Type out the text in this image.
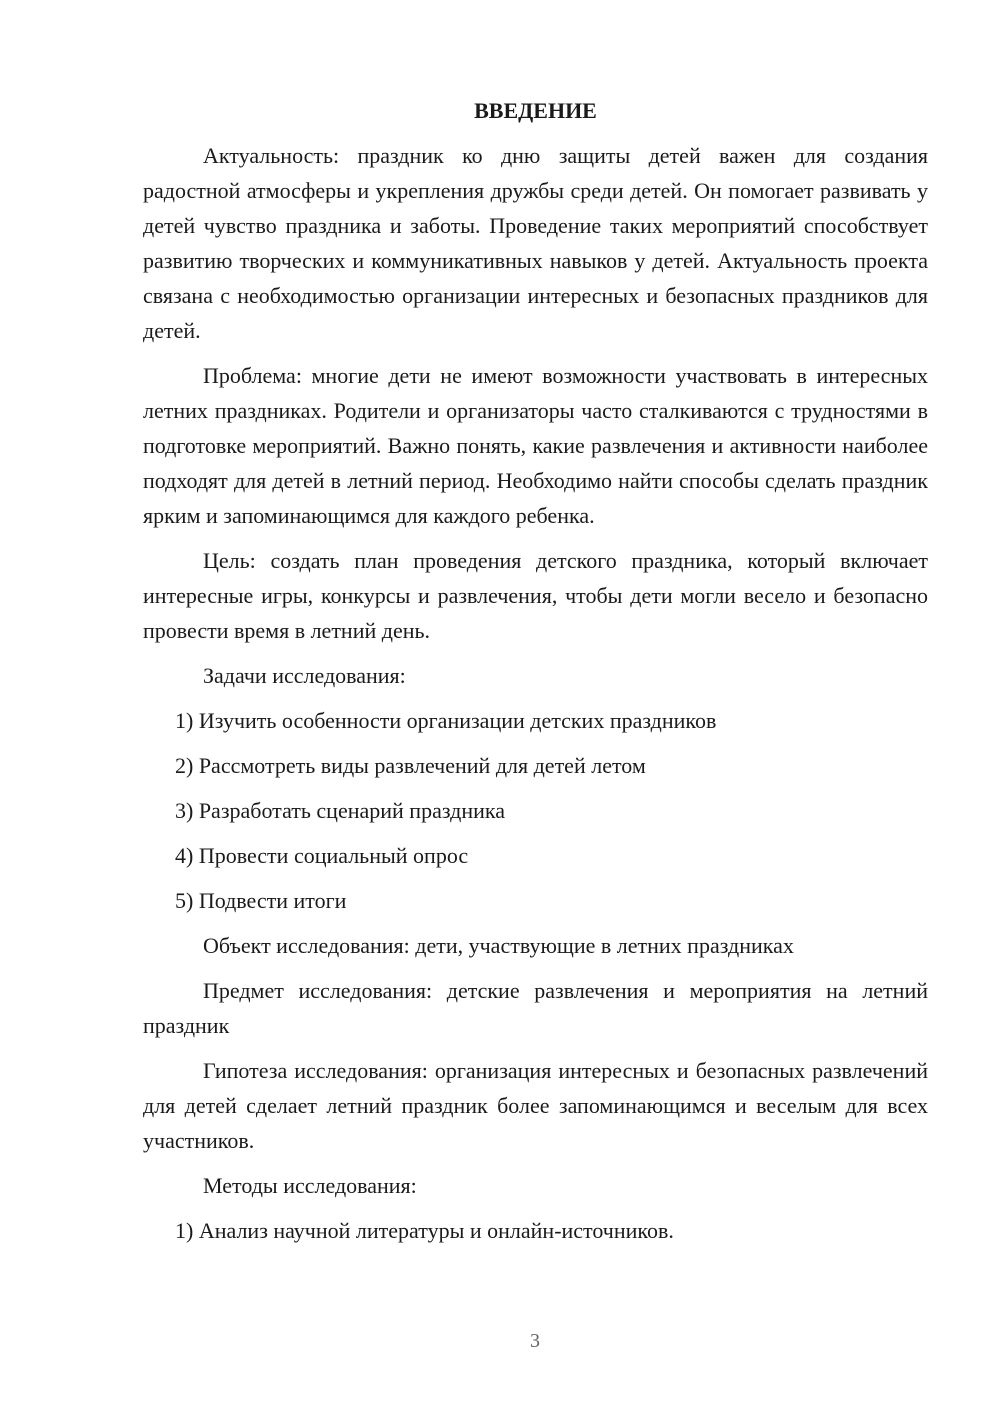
ВВЕДЕНИЕ
Актуальность: праздник ко дню защиты детей важен для создания радостной атмосферы и укрепления дружбы среди детей. Он помогает развивать у детей чувство праздника и заботы. Проведение таких мероприятий способствует развитию творческих и коммуникативных навыков у детей. Актуальность проекта связана с необходимостью организации интересных и безопасных праздников для детей.
Проблема: многие дети не имеют возможности участвовать в интересных летних праздниках. Родители и организаторы часто сталкиваются с трудностями в подготовке мероприятий. Важно понять, какие развлечения и активности наиболее подходят для детей в летний период. Необходимо найти способы сделать праздник ярким и запоминающимся для каждого ребенка.
Цель: создать план проведения детского праздника, который включает интересные игры, конкурсы и развлечения, чтобы дети могли весело и безопасно провести время в летний день.
Задачи исследования:
1) Изучить особенности организации детских праздников
2) Рассмотреть виды развлечений для детей летом
3) Разработать сценарий праздника
4) Провести социальный опрос
5) Подвести итоги
Объект исследования: дети, участвующие в летних праздниках
Предмет исследования: детские развлечения и мероприятия на летний праздник
Гипотеза исследования: организация интересных и безопасных развлечений для детей сделает летний праздник более запоминающимся и веселым для всех участников.
Методы исследования:
1) Анализ научной литературы и онлайн-источников.
3
